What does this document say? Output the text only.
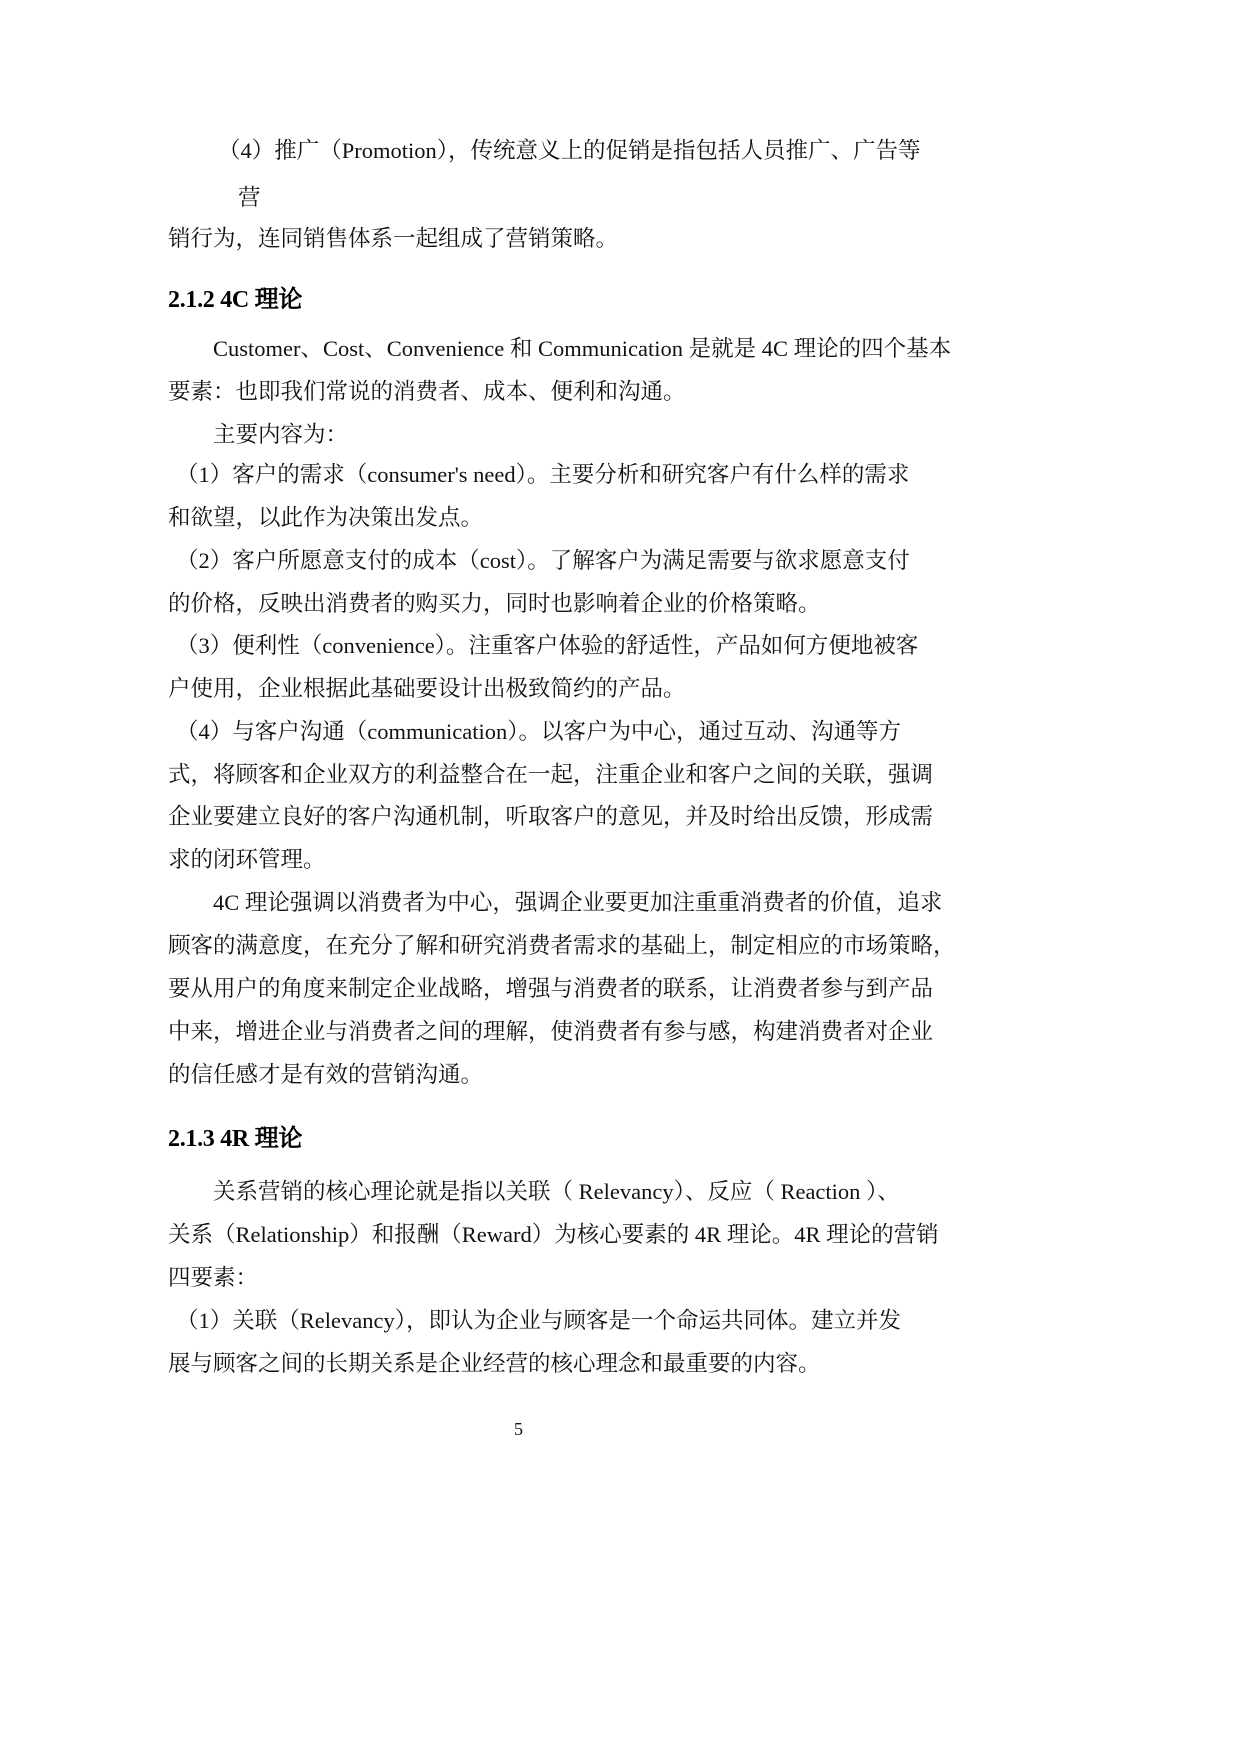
（4）推广（Promotion），传统意义上的促销是指包括人员推广、广告等
营
销行为，连同销售体系一起组成了营销策略。
2.1.2 4C 理论
Customer、Cost、Convenience 和 Communication 是就是 4C 理论的四个基本
要素：也即我们常说的消费者、成本、便利和沟通。
主要内容为：
（1）客户的需求（consumer's need）。主要分析和研究客户有什么样的需求
和欲望，以此作为决策出发点。
（2）客户所愿意支付的成本（cost）。了解客户为满足需要与欲求愿意支付
的价格，反映出消费者的购买力，同时也影响着企业的价格策略。
（3）便利性（convenience）。注重客户体验的舒适性，产品如何方便地被客
户使用，企业根据此基础要设计出极致简约的产品。
（4）与客户沟通（communication）。以客户为中心，通过互动、沟通等方
式，将顾客和企业双方的利益整合在一起，注重企业和客户之间的关联，强调
企业要建立良好的客户沟通机制，听取客户的意见，并及时给出反馈，形成需
求的闭环管理。
4C 理论强调以消费者为中心，强调企业要更加注重重消费者的价值，追求
顾客的满意度，在充分了解和研究消费者需求的基础上，制定相应的市场策略，
要从用户的角度来制定企业战略，增强与消费者的联系，让消费者参与到产品
中来，增进企业与消费者之间的理解，使消费者有参与感，构建消费者对企业
的信任感才是有效的营销沟通。
2.1.3 4R 理论
关系营销的核心理论就是指以关联（ Relevancy）、反应（ Reaction ）、
关系（Relationship）和报酬（Reward）为核心要素的 4R 理论。4R 理论的营销
四要素：
（1）关联（Relevancy），即认为企业与顾客是一个命运共同体。建立并发
展与顾客之间的长期关系是企业经营的核心理念和最重要的内容。
5
